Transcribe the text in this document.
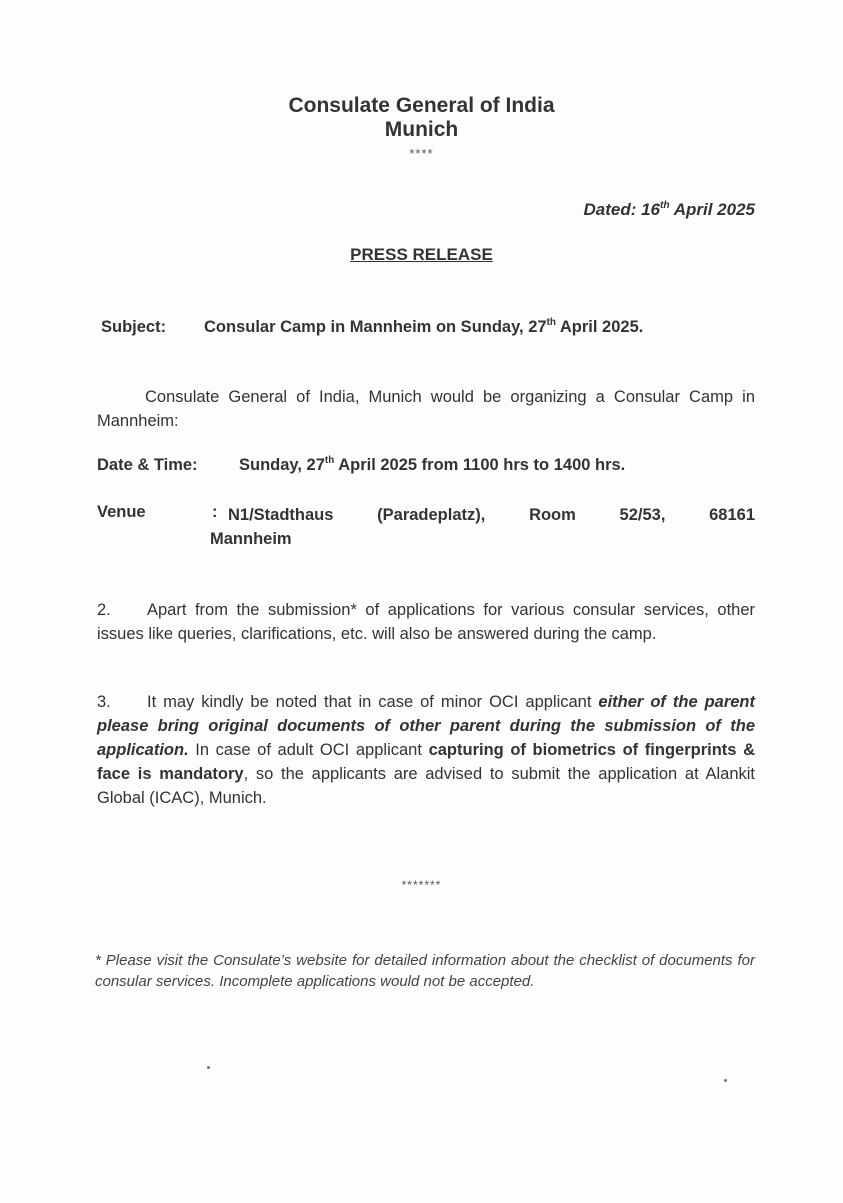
Consulate General of India
Munich
****
Dated: 16th April 2025
PRESS RELEASE
Subject: Consular Camp in Mannheim on Sunday, 27th April 2025.
Consulate General of India, Munich would be organizing a Consular Camp in Mannheim:
Date & Time:	Sunday, 27th April 2025 from 1100 hrs to 1400 hrs.
Venue	: N1/Stadthaus (Paradeplatz), Room 52/53, 68161
Mannheim
2. Apart from the submission* of applications for various consular services, other issues like queries, clarifications, etc. will also be answered during the camp.
3. It may kindly be noted that in case of minor OCI applicant either of the parent please bring original documents of other parent during the submission of the application. In case of adult OCI applicant capturing of biometrics of fingerprints & face is mandatory, so the applicants are advised to submit the application at Alankit Global (ICAC), Munich.
*******
* Please visit the Consulate’s website for detailed information about the checklist of documents for consular services. Incomplete applications would not be accepted.
